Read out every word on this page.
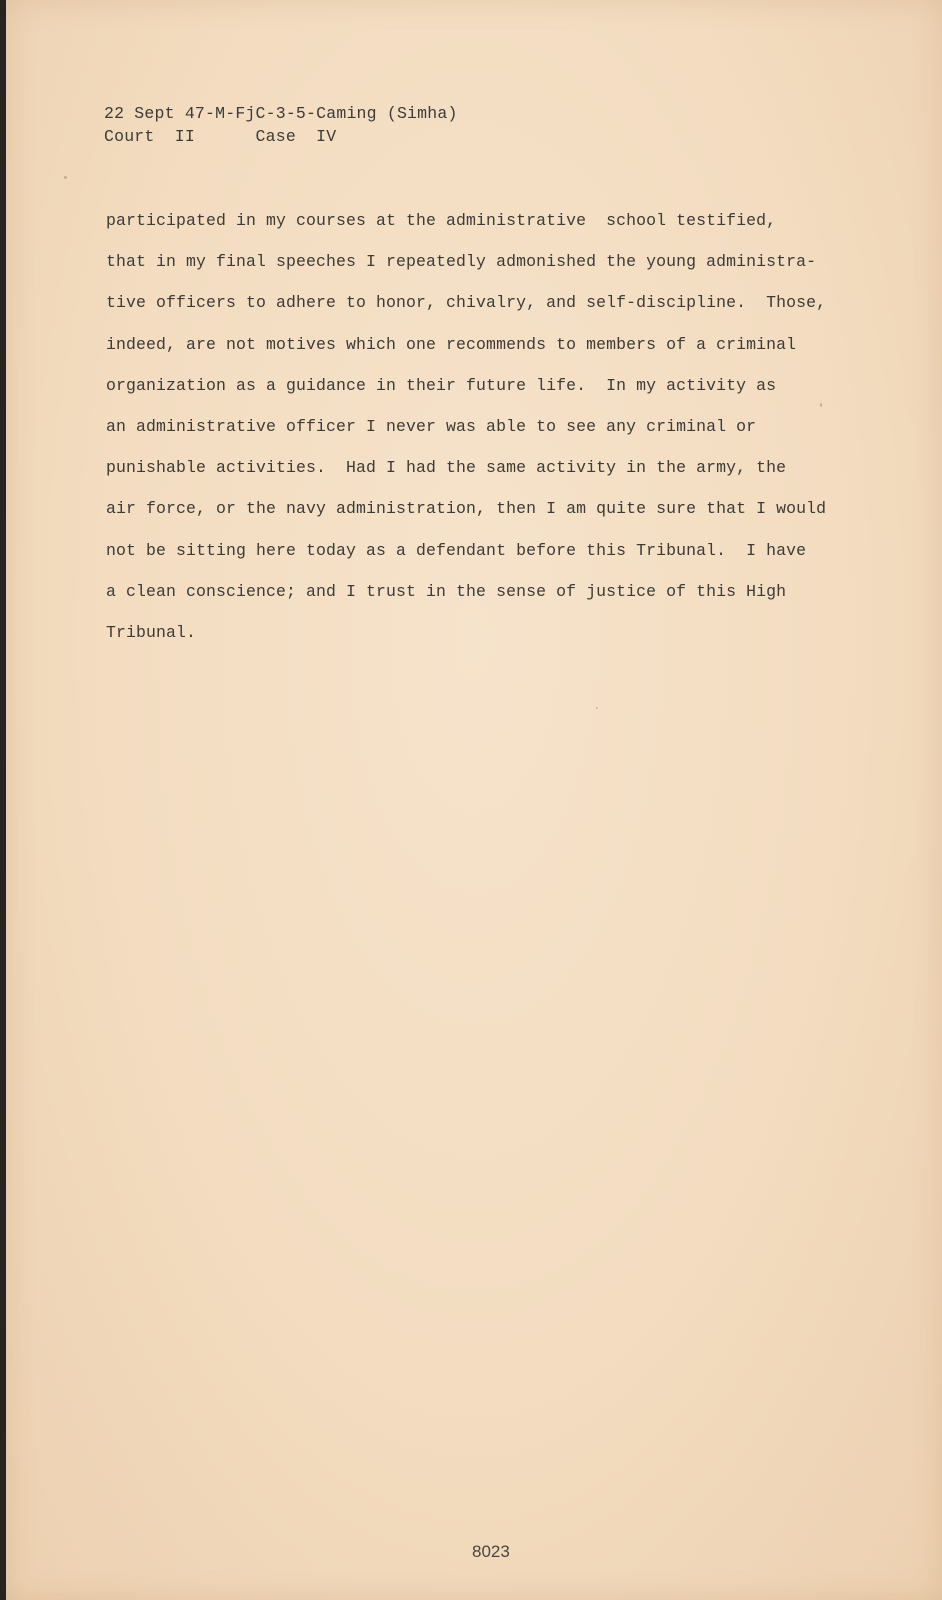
22 Sept 47-M-FjC-3-5-Caming (Simha)
Court  II      Case  IV
participated in my courses at the administrative  school testified,
that in my final speeches I repeatedly admonished the young administra-
tive officers to adhere to honor, chivalry, and self-discipline.  Those,
indeed, are not motives which one recommends to members of a criminal
organization as a guidance in their future life.  In my activity as
an administrative officer I never was able to see any criminal or
punishable activities.  Had I had the same activity in the army, the
air force, or the navy administration, then I am quite sure that I would
not be sitting here today as a defendant before this Tribunal.  I have
a clean conscience; and I trust in the sense of justice of this High
Tribunal.
8023
